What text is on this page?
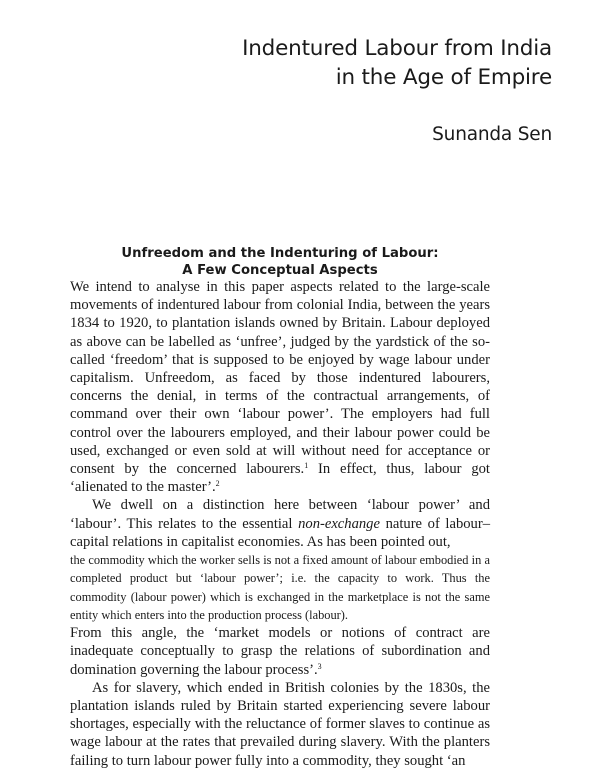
Indentured Labour from India
in the Age of Empire
Sunanda Sen
Unfreedom and the Indenturing of Labour:
A Few Conceptual Aspects

We intend to analyse in this paper aspects related to the large-scale movements of indentured labour from colonial India, between the years 1834 to 1920, to plantation islands owned by Britain. Labour deployed as above can be labelled as ‘unfree’, judged by the yardstick of the so-called ‘freedom’ that is supposed to be enjoyed by wage labour under capitalism. Unfreedom, as faced by those indentured labourers, concerns the denial, in terms of the contractual arrangements, of command over their own ‘labour power’. The employers had full control over the labourers employed, and their labour power could be used, exchanged or even sold at will without need for acceptance or consent by the concerned labourers.$^1$ In effect, thus, labour got ‘alienated to the master’.$^2$

We dwell on a distinction here between ‘labour power’ and ‘labour’. This relates to the essential non-exchange nature of labour–capital relations in capitalist economies. As has been pointed out,

the commodity which the worker sells is not a fixed amount of labour embodied in a completed product but ‘labour power’; i.e. the capacity to work. Thus the commodity (labour power) which is exchanged in the marketplace is not the same entity which enters into the production process (labour).

From this angle, the ‘market models or notions of contract are inadequate conceptually to grasp the relations of subordination and domination governing the labour process’.$^3$

As for slavery, which ended in British colonies by the 1830s, the plantation islands ruled by Britain started experiencing severe labour shortages, especially with the reluctance of former slaves to continue as wage labour at the rates that prevailed during slavery. With the planters failing to turn labour power fully into a commodity, they sought ‘an
